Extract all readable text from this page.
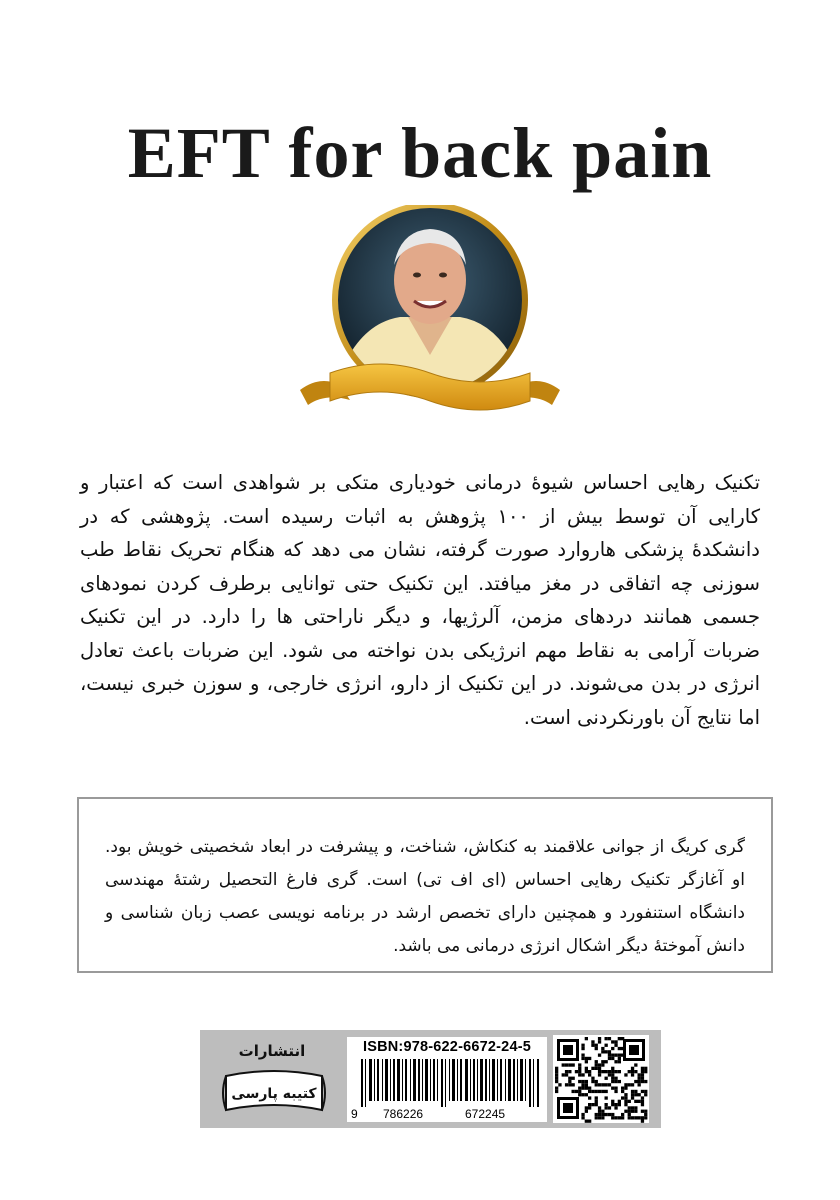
EFT for back pain
تکنیک رهایی احساس شیوهٔ درمانی خودیاری متکی بر شواهدی است که اعتبار و کارایی آن توسط بیش از ۱۰۰ پژوهش به اثبات رسیده است. پژوهشی که در دانشکدهٔ پزشکی هاروارد صورت گرفته، نشان می دهد که هنگام تحریک نقاط طب سوزنی چه اتفاقی در مغز میافتد. این تکنیک حتی توانایی برطرف کردن نمودهای جسمی همانند دردهای مزمن، آلرژیها، و دیگر ناراحتی ها را دارد. در این تکنیک ضربات آرامی به نقاط مهم انرژیکی بدن نواخته می شود. این ضربات باعث تعادل انرژی در بدن می‌شوند. در این تکنیک از دارو، انرژی خارجی، و سوزن خبری نیست، اما نتایج آن باورنکردنی است.
گری کریگ از جوانی علاقمند به کنکاش، شناخت، و پیشرفت در ابعاد شخصیتی خویش بود. او آغازگر تکنیک رهایی احساس (ای اف تی) است. گری فارغ التحصیل رشتهٔ مهندسی دانشگاه استنفورد و همچنین دارای تخصص ارشد در برنامه نویسی عصب زبان شناسی و دانش آموختهٔ دیگر اشکال انرژی درمانی می باشد.
انتشارات
کتیبه پارسی
ISBN:978-622-6672-24-5
9 786226	672245
